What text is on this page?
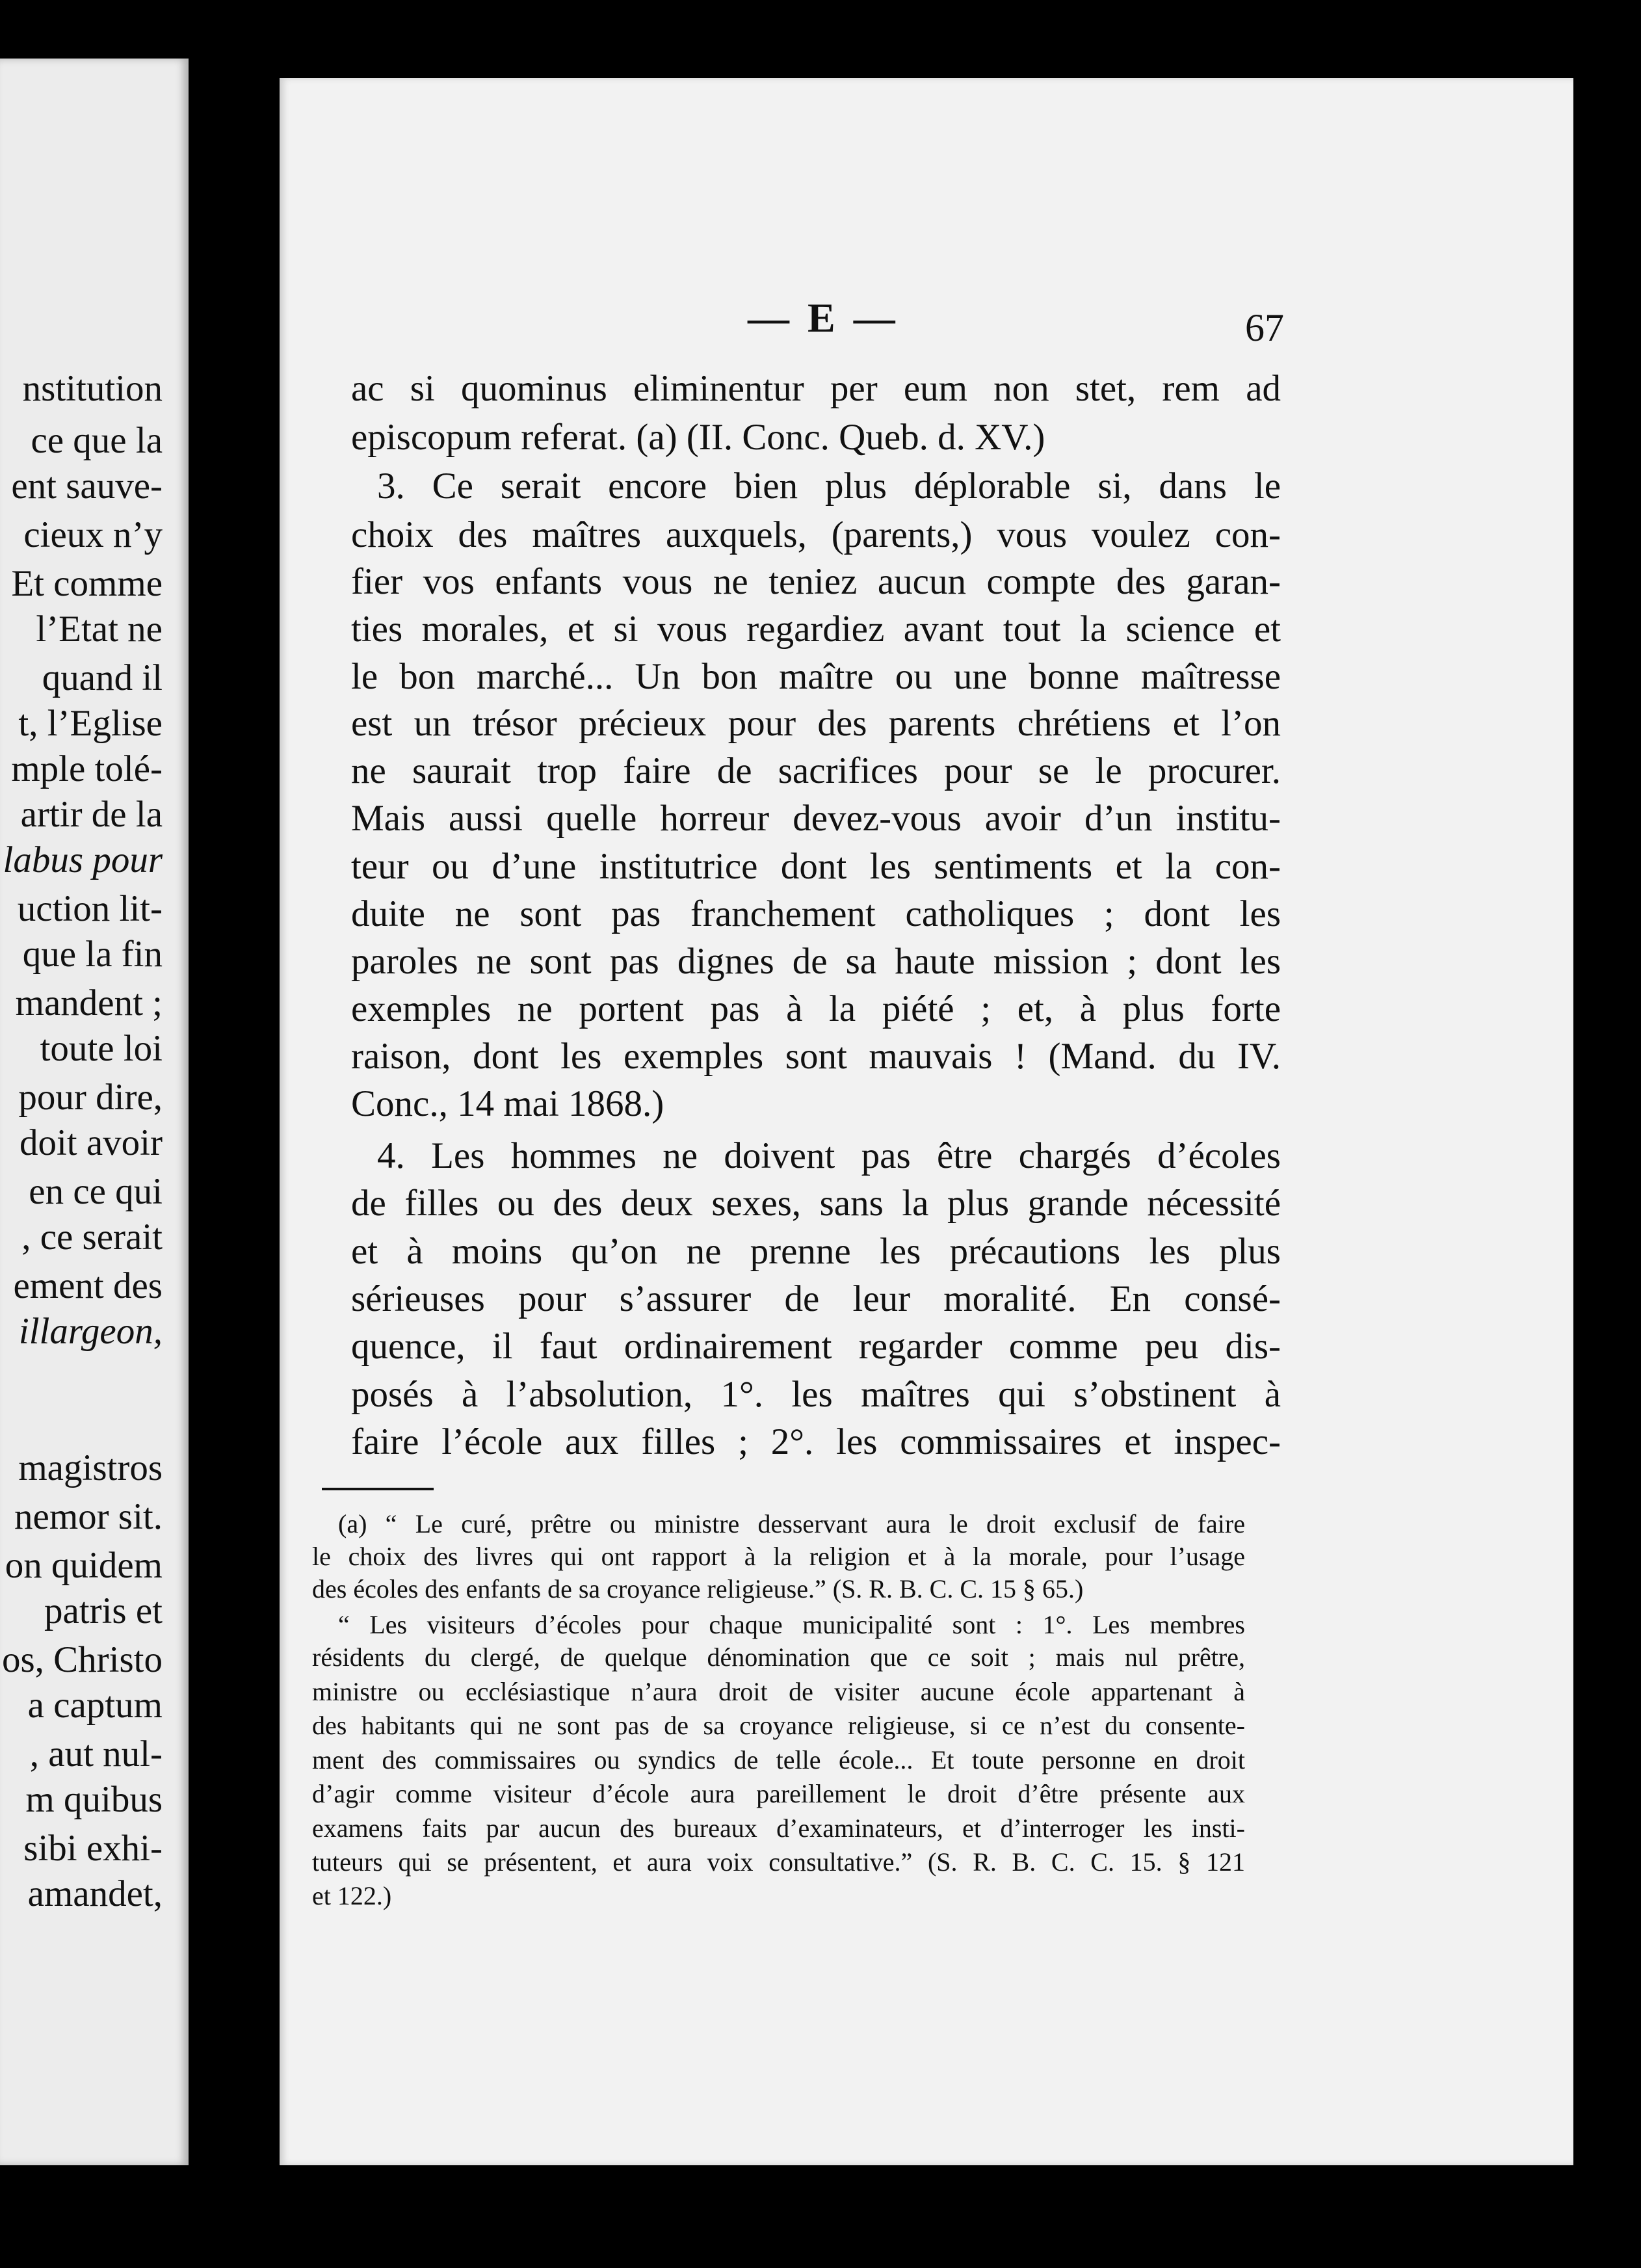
nstitution
ce que la
ent sauve-
cieux n’y
Et comme
l’Etat ne
quand il
t, l’Eglise
mple tolé-
artir de la
labus pour
uction lit-
que la fin
mandent ;
toute loi
pour dire,
doit avoir
en ce qui
, ce serait
ement des
illargeon,
magistros
nemor sit.
on quidem
patris et
os, Christo
a captum
, aut nul-
m quibus
sibi exhi-
amandet,
— E —	67
ac si quominus eliminentur per eum non stet, rem ad
episcopum referat. (a) (II. Conc. Queb. d. XV.)
3. Ce serait encore bien plus déplorable si, dans le
choix des maîtres auxquels, (parents,) vous voulez con-
fier vos enfants vous ne teniez aucun compte des garan-
ties morales, et si vous regardiez avant tout la science et
le bon marché... Un bon maître ou une bonne maîtresse
est un trésor précieux pour des parents chrétiens et l’on
ne saurait trop faire de sacrifices pour se le procurer.
Mais aussi quelle horreur devez-vous avoir d’un institu-
teur ou d’une institutrice dont les sentiments et la con-
duite ne sont pas franchement catholiques ; dont les
paroles ne sont pas dignes de sa haute mission ; dont les
exemples ne portent pas à la piété ; et, à plus forte
raison, dont les exemples sont mauvais ! (Mand. du IV.
Conc., 14 mai 1868.)
4. Les hommes ne doivent pas être chargés d’écoles
de filles ou des deux sexes, sans la plus grande nécessité
et à moins qu’on ne prenne les précautions les plus
sérieuses pour s’assurer de leur moralité. En consé-
quence, il faut ordinairement regarder comme peu dis-
posés à l’absolution, 1°. les maîtres qui s’obstinent à
faire l’école aux filles ; 2°. les commissaires et inspec-
(a) “ Le curé, prêtre ou ministre desservant aura le droit exclusif de faire
le choix des livres qui ont rapport à la religion et à la morale, pour l’usage
des écoles des enfants de sa croyance religieuse.” (S. R. B. C. C. 15 § 65.)
“ Les visiteurs d’écoles pour chaque municipalité sont : 1°. Les membres
résidents du clergé, de quelque dénomination que ce soit ; mais nul prêtre,
ministre ou ecclésiastique n’aura droit de visiter aucune école appartenant à
des habitants qui ne sont pas de sa croyance religieuse, si ce n’est du consente-
ment des commissaires ou syndics de telle école... Et toute personne en droit
d’agir comme visiteur d’école aura pareillement le droit d’être présente aux
examens faits par aucun des bureaux d’examinateurs, et d’interroger les insti-
tuteurs qui se présentent, et aura voix consultative.” (S. R. B. C. C. 15. § 121
et 122.)
